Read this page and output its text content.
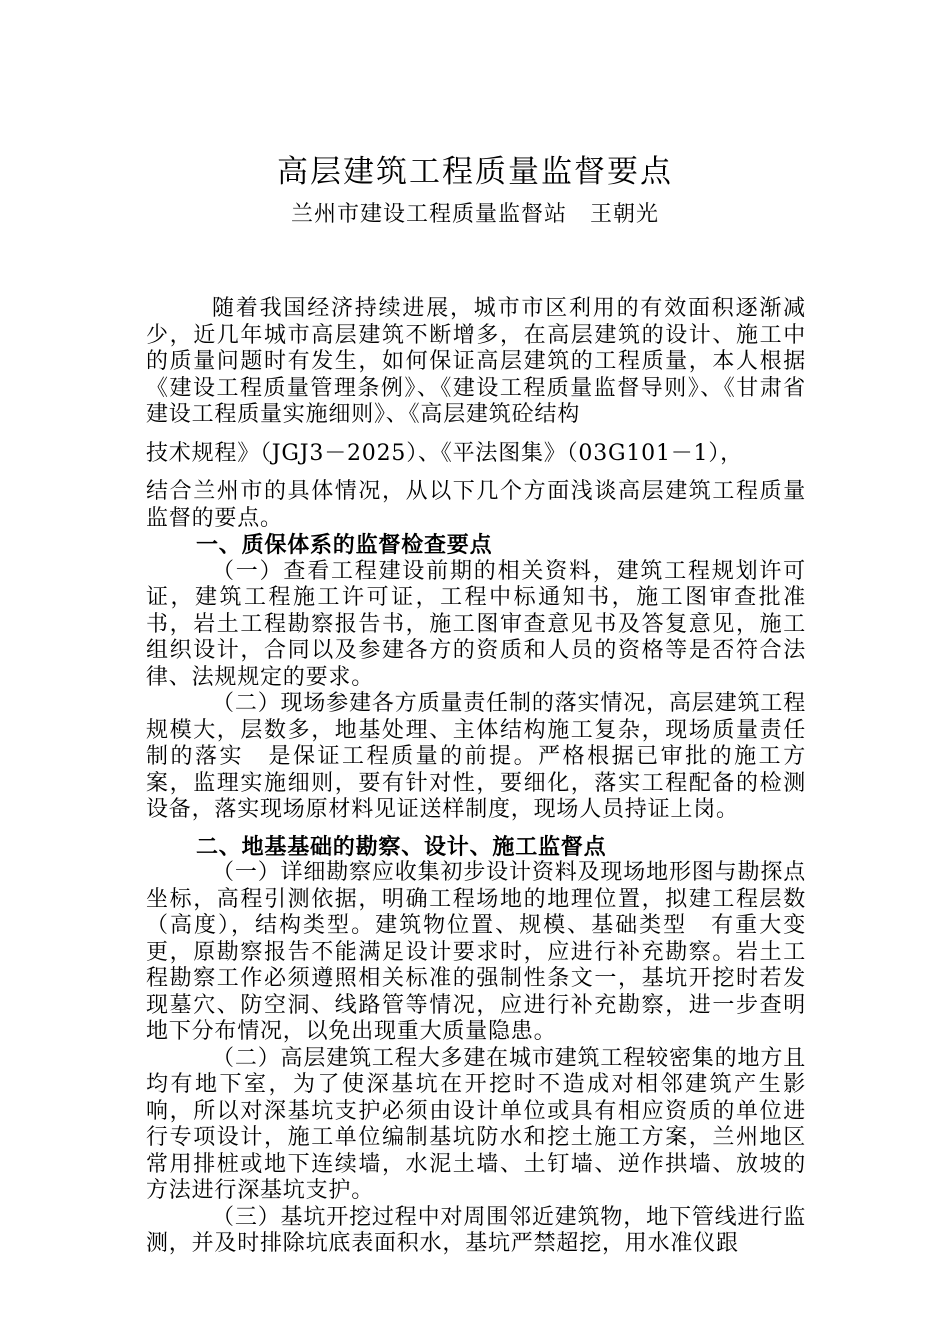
高层建筑工程质量监督要点
兰州市建设工程质量监督站　王朝光

随着我国经济持续进展，城市市区利用的有效面积逐渐减少，近几年城市高层建筑不断增多，在高层建筑的设计、施工中的质量问题时有发生，如何保证高层建筑的工程质量，本人根据《建设工程质量管理条例》、《建设工程质量监督导则》、《甘肃省建设工程质量实施细则》、《高层建筑砼结构

技术规程》（JGJ3－2025）、《平法图集》（03G101－1），

结合兰州市的具体情况，从以下几个方面浅谈高层建筑工程质量监督的要点。

一、质保体系的监督检查要点

（一）查看工程建设前期的相关资料，建筑工程规划许可证，建筑工程施工许可证，工程中标通知书，施工图审查批准书，岩土工程勘察报告书，施工图审查意见书及答复意见，施工组织设计，合同以及参建各方的资质和人员的资格等是否符合法律、法规规定的要求。

（二）现场参建各方质量责任制的落实情况，高层建筑工程规模大，层数多，地基处理、主体结构施工复杂，现场质量责任制的落实　是保证工程质量的前提。严格根据已审批的施工方案，监理实施细则，要有针对性，要细化，落实工程配备的检测设备，落实现场原材料见证送样制度，现场人员持证上岗。

二、地基基础的勘察、设计、施工监督点

（一）详细勘察应收集初步设计资料及现场地形图与勘探点坐标，高程引测依据，明确工程场地的地理位置，拟建工程层数（高度），结构类型。建筑物位置、规模、基础类型　有重大变更，原勘察报告不能满足设计要求时，应进行补充勘察。岩土工程勘察工作必须遵照相关标准的强制性条文一，基坑开挖时若发现墓穴、防空洞、线路管等情况，应进行补充勘察，进一步查明地下分布情况，以免出现重大质量隐患。

（二）高层建筑工程大多建在城市建筑工程较密集的地方且均有地下室，为了使深基坑在开挖时不造成对相邻建筑产生影响，所以对深基坑支护必须由设计单位或具有相应资质的单位进行专项设计，施工单位编制基坑防水和挖土施工方案，兰州地区常用排桩或地下连续墙，水泥土墙、土钉墙、逆作拱墙、放坡的方法进行深基坑支护。

（三）基坑开挖过程中对周围邻近建筑物，地下管线进行监测，并及时排除坑底表面积水，基坑严禁超挖，用水准仪跟
